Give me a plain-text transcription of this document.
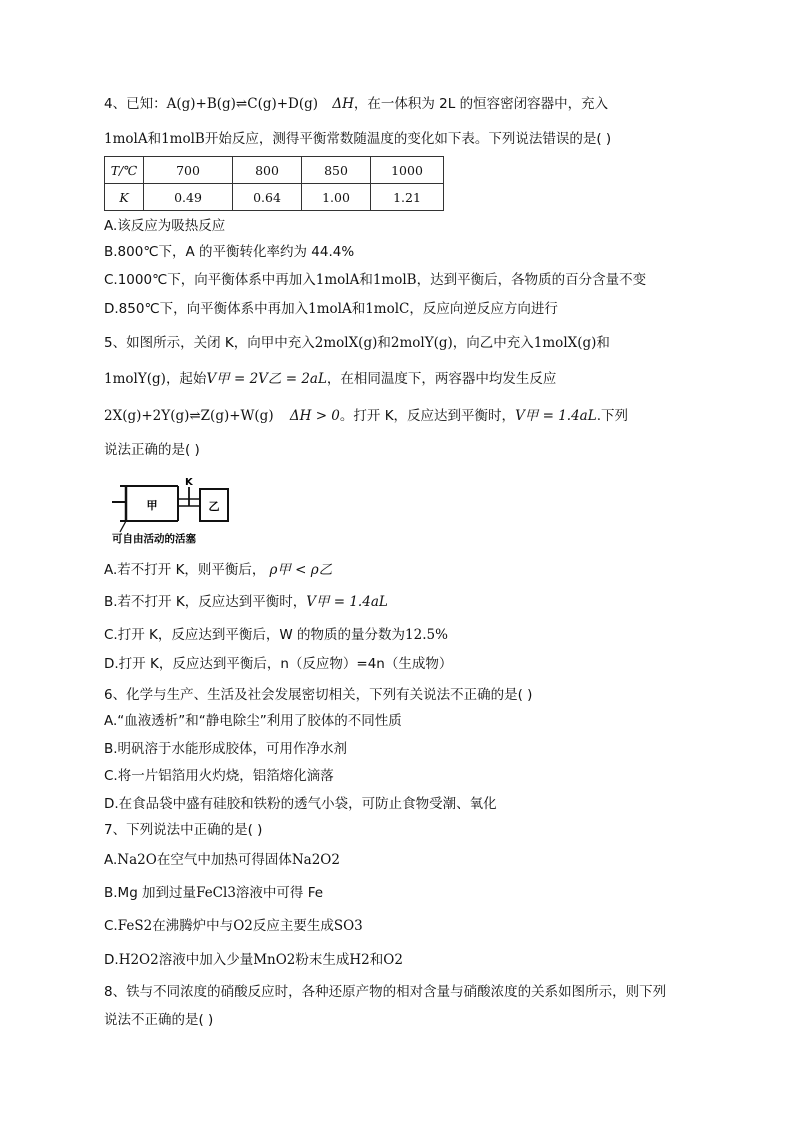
4、已知：A(g)+B(g)⇌C(g)+D(g) ΔH，在一体积为 2L 的恒容密闭容器中，充入
1molA和1molB开始反应，测得平衡常数随温度的变化如下表。下列说法错误的是( )
T/℃	700	800	850	1000
K	0.49	0.64	1.00	1.21
A.该反应为吸热反应
B.800℃下，A 的平衡转化率约为 44.4%
C.1000℃下，向平衡体系中再加入1molA和1molB，达到平衡后，各物质的百分含量不变
D.850℃下，向平衡体系中再加入1molA和1molC，反应向逆反应方向进行
5、如图所示，关闭 K，向甲中充入2molX(g)和2molY(g)，向乙中充入1molX(g)和
1molY(g)，起始V甲 = 2V乙 = 2aL，在相同温度下，两容器中均发生反应
2X(g)+2Y(g)⇌Z(g)+W(g) ΔH > 0。打开 K，反应达到平衡时，V甲 = 1.4aL.下列
说法正确的是( )
甲	乙
K
可自由活动的活塞
A.若不打开 K，则平衡后， ρ甲 < ρ乙
B.若不打开 K，反应达到平衡时，V甲 = 1.4aL
C.打开 K，反应达到平衡后，W 的物质的量分数为12.5%
D.打开 K，反应达到平衡后，n（反应物）=4n（生成物）
6、化学与生产、生活及社会发展密切相关，下列有关说法不正确的是( )
A.“血液透析”和“静电除尘”利用了胶体的不同性质
B.明矾溶于水能形成胶体，可用作净水剂
C.将一片铝箔用火灼烧，铝箔熔化滴落
D.在食品袋中盛有硅胶和铁粉的透气小袋，可防止食物受潮、氧化
7、下列说法中正确的是( )
A.Na2O在空气中加热可得固体Na2O2
B.Mg 加到过量FeCl3溶液中可得 Fe
C.FeS2在沸腾炉中与O2反应主要生成SO3
D.H2O2溶液中加入少量MnO2粉末生成H2和O2
8、铁与不同浓度的硝酸反应时，各种还原产物的相对含量与硝酸浓度的关系如图所示，则下列
说法不正确的是( )
